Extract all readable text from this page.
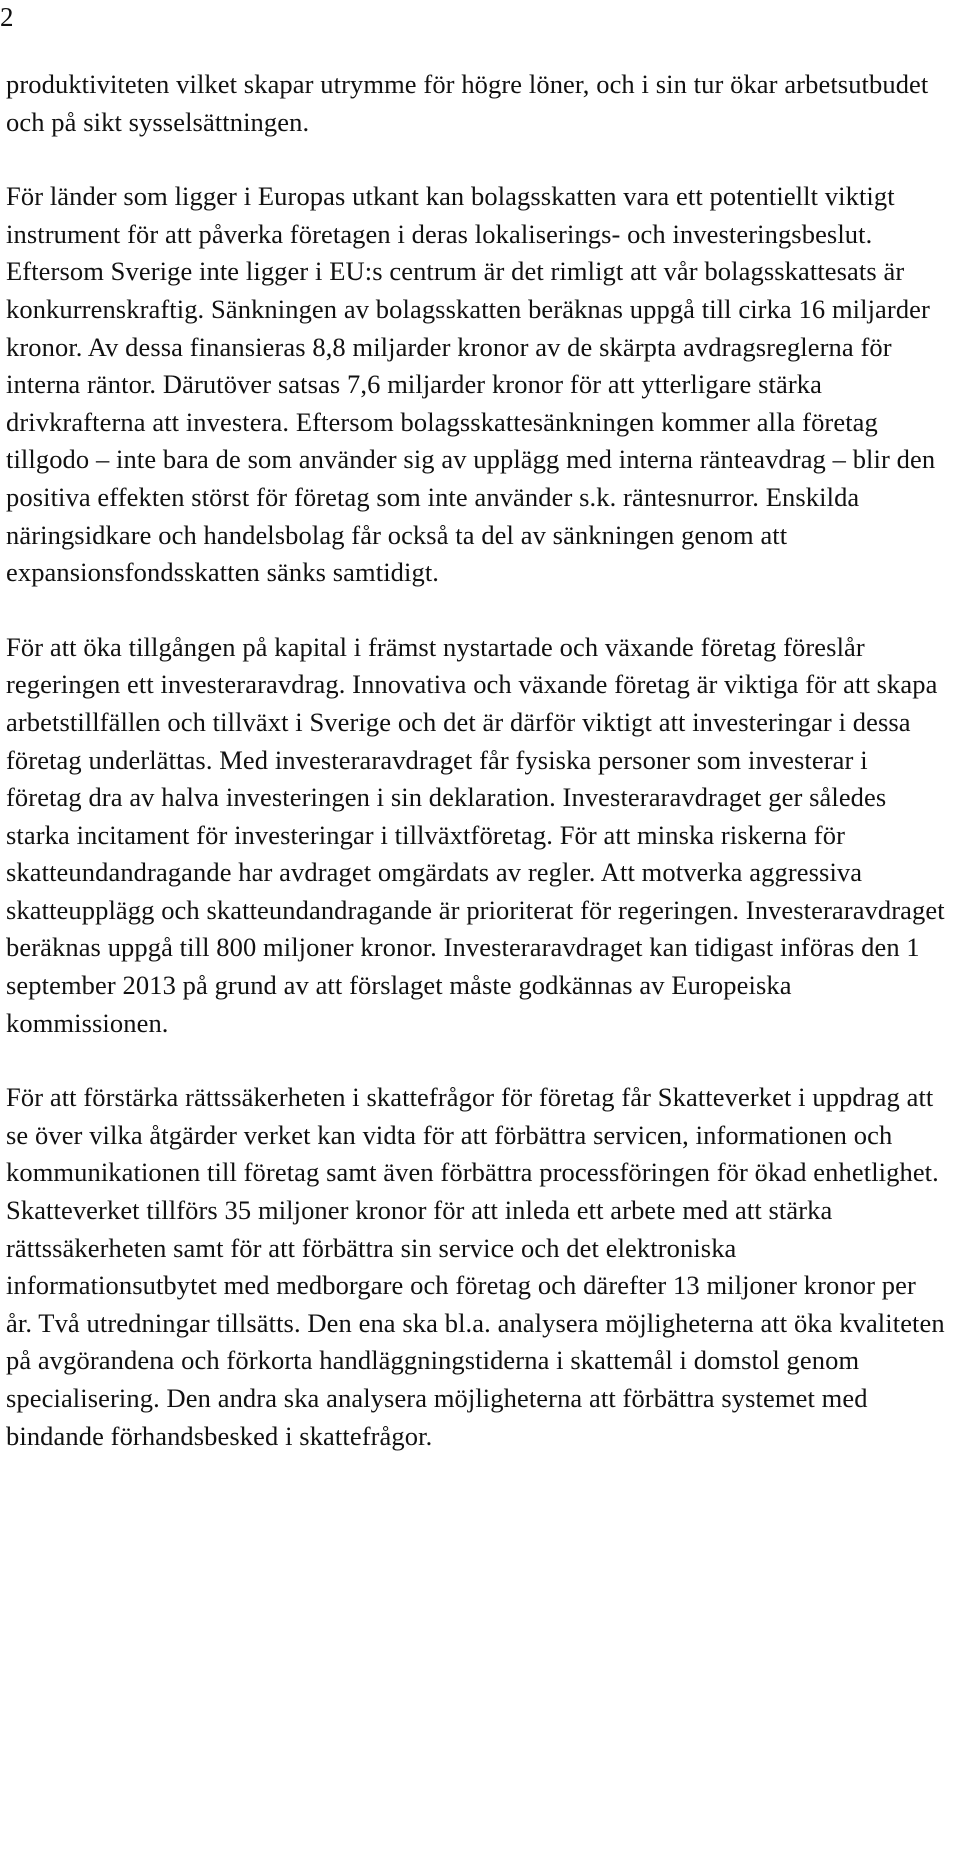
2

produktiviteten vilket skapar utrymme för högre löner, och i sin tur ökar arbetsutbudet och på sikt sysselsättningen.

För länder som ligger i Europas utkant kan bolagsskatten vara ett potentiellt viktigt instrument för att påverka företagen i deras lokaliserings- och investeringsbeslut. Eftersom Sverige inte ligger i EU:s centrum är det rimligt att vår bolagsskattesats är konkurrenskraftig. Sänkningen av bolagsskatten beräknas uppgå till cirka 16 miljarder kronor. Av dessa finansieras 8,8 miljarder kronor av de skärpta avdragsreglerna för interna räntor. Därutöver satsas 7,6 miljarder kronor för att ytterligare stärka drivkrafterna att investera. Eftersom bolagsskattesänkningen kommer alla företag tillgodo – inte bara de som använder sig av upplägg med interna ränteavdrag – blir den positiva effekten störst för företag som inte använder s.k. räntesnurror. Enskilda näringsidkare och handelsbolag får också ta del av sänkningen genom att expansionsfondsskatten sänks samtidigt.

För att öka tillgången på kapital i främst nystartade och växande företag föreslår regeringen ett investeraravdrag. Innovativa och växande företag är viktiga för att skapa arbetstillfällen och tillväxt i Sverige och det är därför viktigt att investeringar i dessa företag underlättas. Med investeraravdraget får fysiska personer som investerar i företag dra av halva investeringen i sin deklaration. Investeraravdraget ger således starka incitament för investeringar i tillväxtföretag. För att minska riskerna för skatteundandragande har avdraget omgärdats av regler. Att motverka aggressiva skatteupplägg och skatteundandragande är prioriterat för regeringen. Investeraravdraget beräknas uppgå till 800 miljoner kronor. Investeraravdraget kan tidigast införas den 1 september 2013 på grund av att förslaget måste godkännas av Europeiska kommissionen.

För att förstärka rättssäkerheten i skattefrågor för företag får Skatteverket i uppdrag att se över vilka åtgärder verket kan vidta för att förbättra servicen, informationen och kommunikationen till företag samt även förbättra processföringen för ökad enhetlighet. Skatteverket tillförs 35 miljoner kronor för att inleda ett arbete med att stärka rättssäkerheten samt för att förbättra sin service och det elektroniska informationsutbytet med medborgare och företag och därefter 13 miljoner kronor per år. Två utredningar tillsätts. Den ena ska bl.a. analysera möjligheterna att öka kvaliteten på avgörandena och förkorta handläggningstiderna i skattemål i domstol genom specialisering. Den andra ska analysera möjligheterna att förbättra systemet med bindande förhandsbesked i skattefrågor.
